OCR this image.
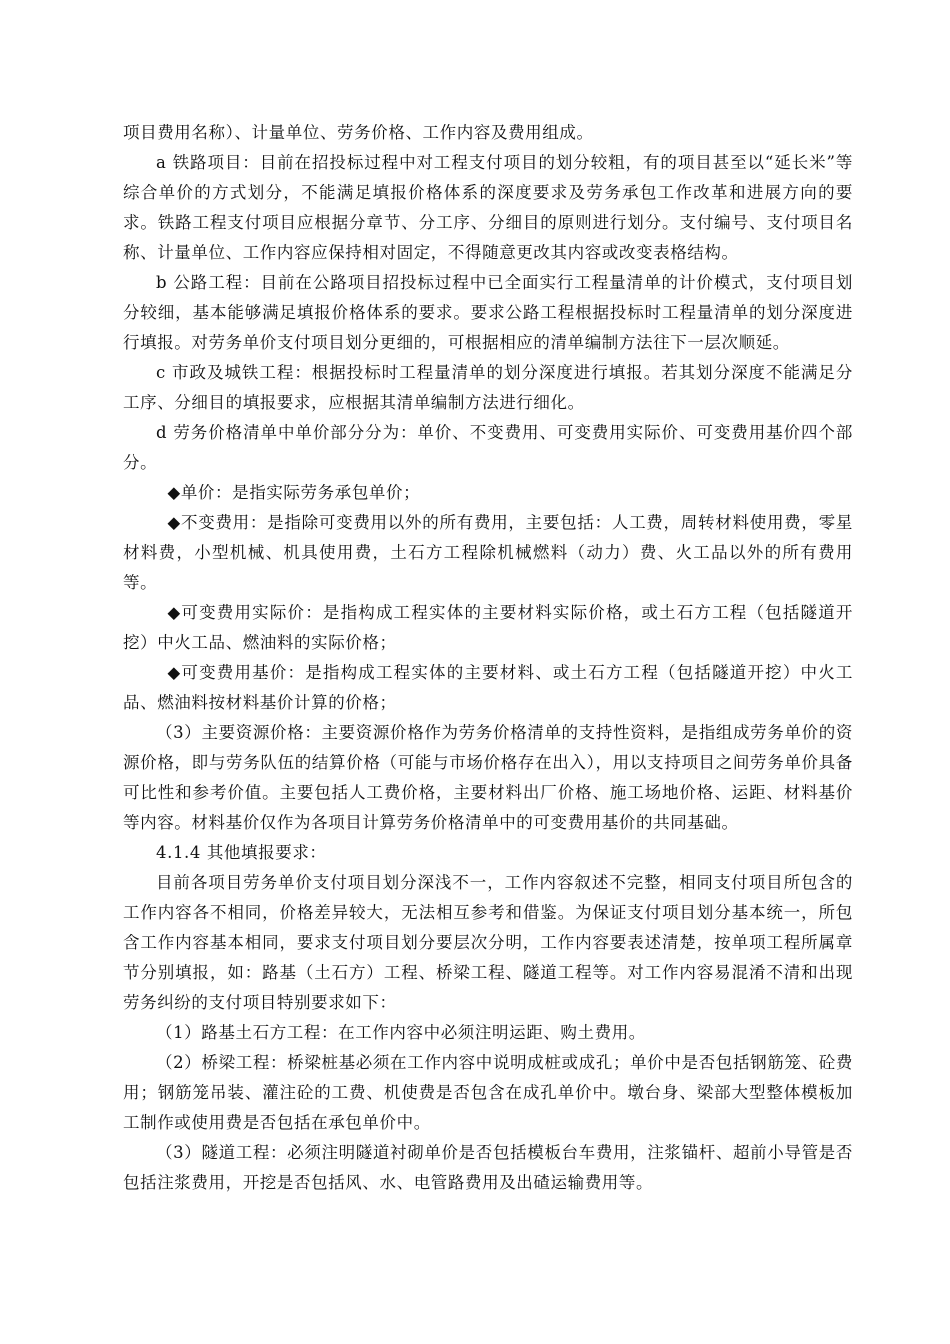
项目费用名称）、计量单位、劳务价格、工作内容及费用组成。

a 铁路项目：目前在招投标过程中对工程支付项目的划分较粗，有的项目甚至以“延长米”等综合单价的方式划分，不能满足填报价格体系的深度要求及劳务承包工作改革和进展方向的要求。铁路工程支付项目应根据分章节、分工序、分细目的原则进行划分。支付编号、支付项目名称、计量单位、工作内容应保持相对固定，不得随意更改其内容或改变表格结构。

b 公路工程：目前在公路项目招投标过程中已全面实行工程量清单的计价模式，支付项目划分较细，基本能够满足填报价格体系的要求。要求公路工程根据投标时工程量清单的划分深度进行填报。对劳务单价支付项目划分更细的，可根据相应的清单编制方法往下一层次顺延。

c 市政及城铁工程：根据投标时工程量清单的划分深度进行填报。若其划分深度不能满足分工序、分细目的填报要求，应根据其清单编制方法进行细化。

d 劳务价格清单中单价部分分为：单价、不变费用、可变费用实际价、可变费用基价四个部分。

◆单价：是指实际劳务承包单价；

◆不变费用：是指除可变费用以外的所有费用，主要包括：人工费，周转材料使用费，零星材料费，小型机械、机具使用费，土石方工程除机械燃料（动力）费、火工品以外的所有费用等。

◆可变费用实际价：是指构成工程实体的主要材料实际价格，或土石方工程（包括隧道开挖）中火工品、燃油料的实际价格；

◆可变费用基价：是指构成工程实体的主要材料、或土石方工程（包括隧道开挖）中火工品、燃油料按材料基价计算的价格；

（3）主要资源价格：主要资源价格作为劳务价格清单的支持性资料，是指组成劳务单价的资源价格，即与劳务队伍的结算价格（可能与市场价格存在出入），用以支持项目之间劳务单价具备可比性和参考价值。主要包括人工费价格，主要材料出厂价格、施工场地价格、运距、材料基价等内容。材料基价仅作为各项目计算劳务价格清单中的可变费用基价的共同基础。

4.1.4 其他填报要求：

目前各项目劳务单价支付项目划分深浅不一，工作内容叙述不完整，相同支付项目所包含的工作内容各不相同，价格差异较大，无法相互参考和借鉴。为保证支付项目划分基本统一，所包含工作内容基本相同，要求支付项目划分要层次分明，工作内容要表述清楚，按单项工程所属章节分别填报，如：路基（土石方）工程、桥梁工程、隧道工程等。对工作内容易混淆不清和出现劳务纠纷的支付项目特别要求如下：

（1）路基土石方工程：在工作内容中必须注明运距、购土费用。

（2）桥梁工程：桥梁桩基必须在工作内容中说明成桩或成孔；单价中是否包括钢筋笼、砼费用；钢筋笼吊装、灌注砼的工费、机使费是否包含在成孔单价中。墩台身、梁部大型整体模板加工制作或使用费是否包括在承包单价中。

（3）隧道工程：必须注明隧道衬砌单价是否包括模板台车费用，注浆锚杆、超前小导管是否包括注浆费用，开挖是否包括风、水、电管路费用及出碴运输费用等。
